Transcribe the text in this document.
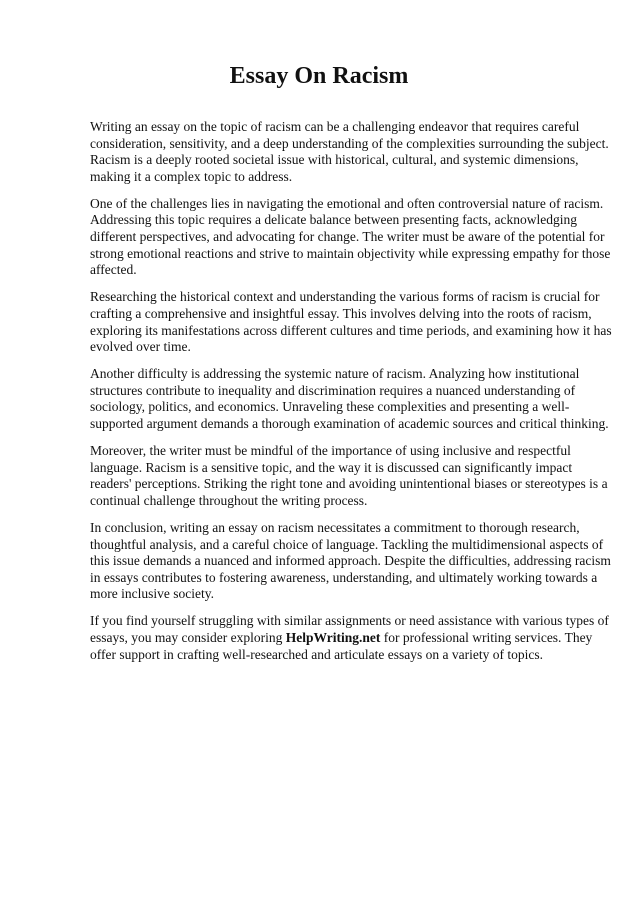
Essay On Racism

Writing an essay on the topic of racism can be a challenging endeavor that requires careful
consideration, sensitivity, and a deep understanding of the complexities surrounding the subject.
Racism is a deeply rooted societal issue with historical, cultural, and systemic dimensions,
making it a complex topic to address.

One of the challenges lies in navigating the emotional and often controversial nature of racism.
Addressing this topic requires a delicate balance between presenting facts, acknowledging
different perspectives, and advocating for change. The writer must be aware of the potential for
strong emotional reactions and strive to maintain objectivity while expressing empathy for those
affected.

Researching the historical context and understanding the various forms of racism is crucial for
crafting a comprehensive and insightful essay. This involves delving into the roots of racism,
exploring its manifestations across different cultures and time periods, and examining how it has
evolved over time.

Another difficulty is addressing the systemic nature of racism. Analyzing how institutional
structures contribute to inequality and discrimination requires a nuanced understanding of
sociology, politics, and economics. Unraveling these complexities and presenting a well-
supported argument demands a thorough examination of academic sources and critical thinking.

Moreover, the writer must be mindful of the importance of using inclusive and respectful
language. Racism is a sensitive topic, and the way it is discussed can significantly impact
readers' perceptions. Striking the right tone and avoiding unintentional biases or stereotypes is a
continual challenge throughout the writing process.

In conclusion, writing an essay on racism necessitates a commitment to thorough research,
thoughtful analysis, and a careful choice of language. Tackling the multidimensional aspects of
this issue demands a nuanced and informed approach. Despite the difficulties, addressing racism
in essays contributes to fostering awareness, understanding, and ultimately working towards a
more inclusive society.

If you find yourself struggling with similar assignments or need assistance with various types of
essays, you may consider exploring HelpWriting.net for professional writing services. They
offer support in crafting well-researched and articulate essays on a variety of topics.
